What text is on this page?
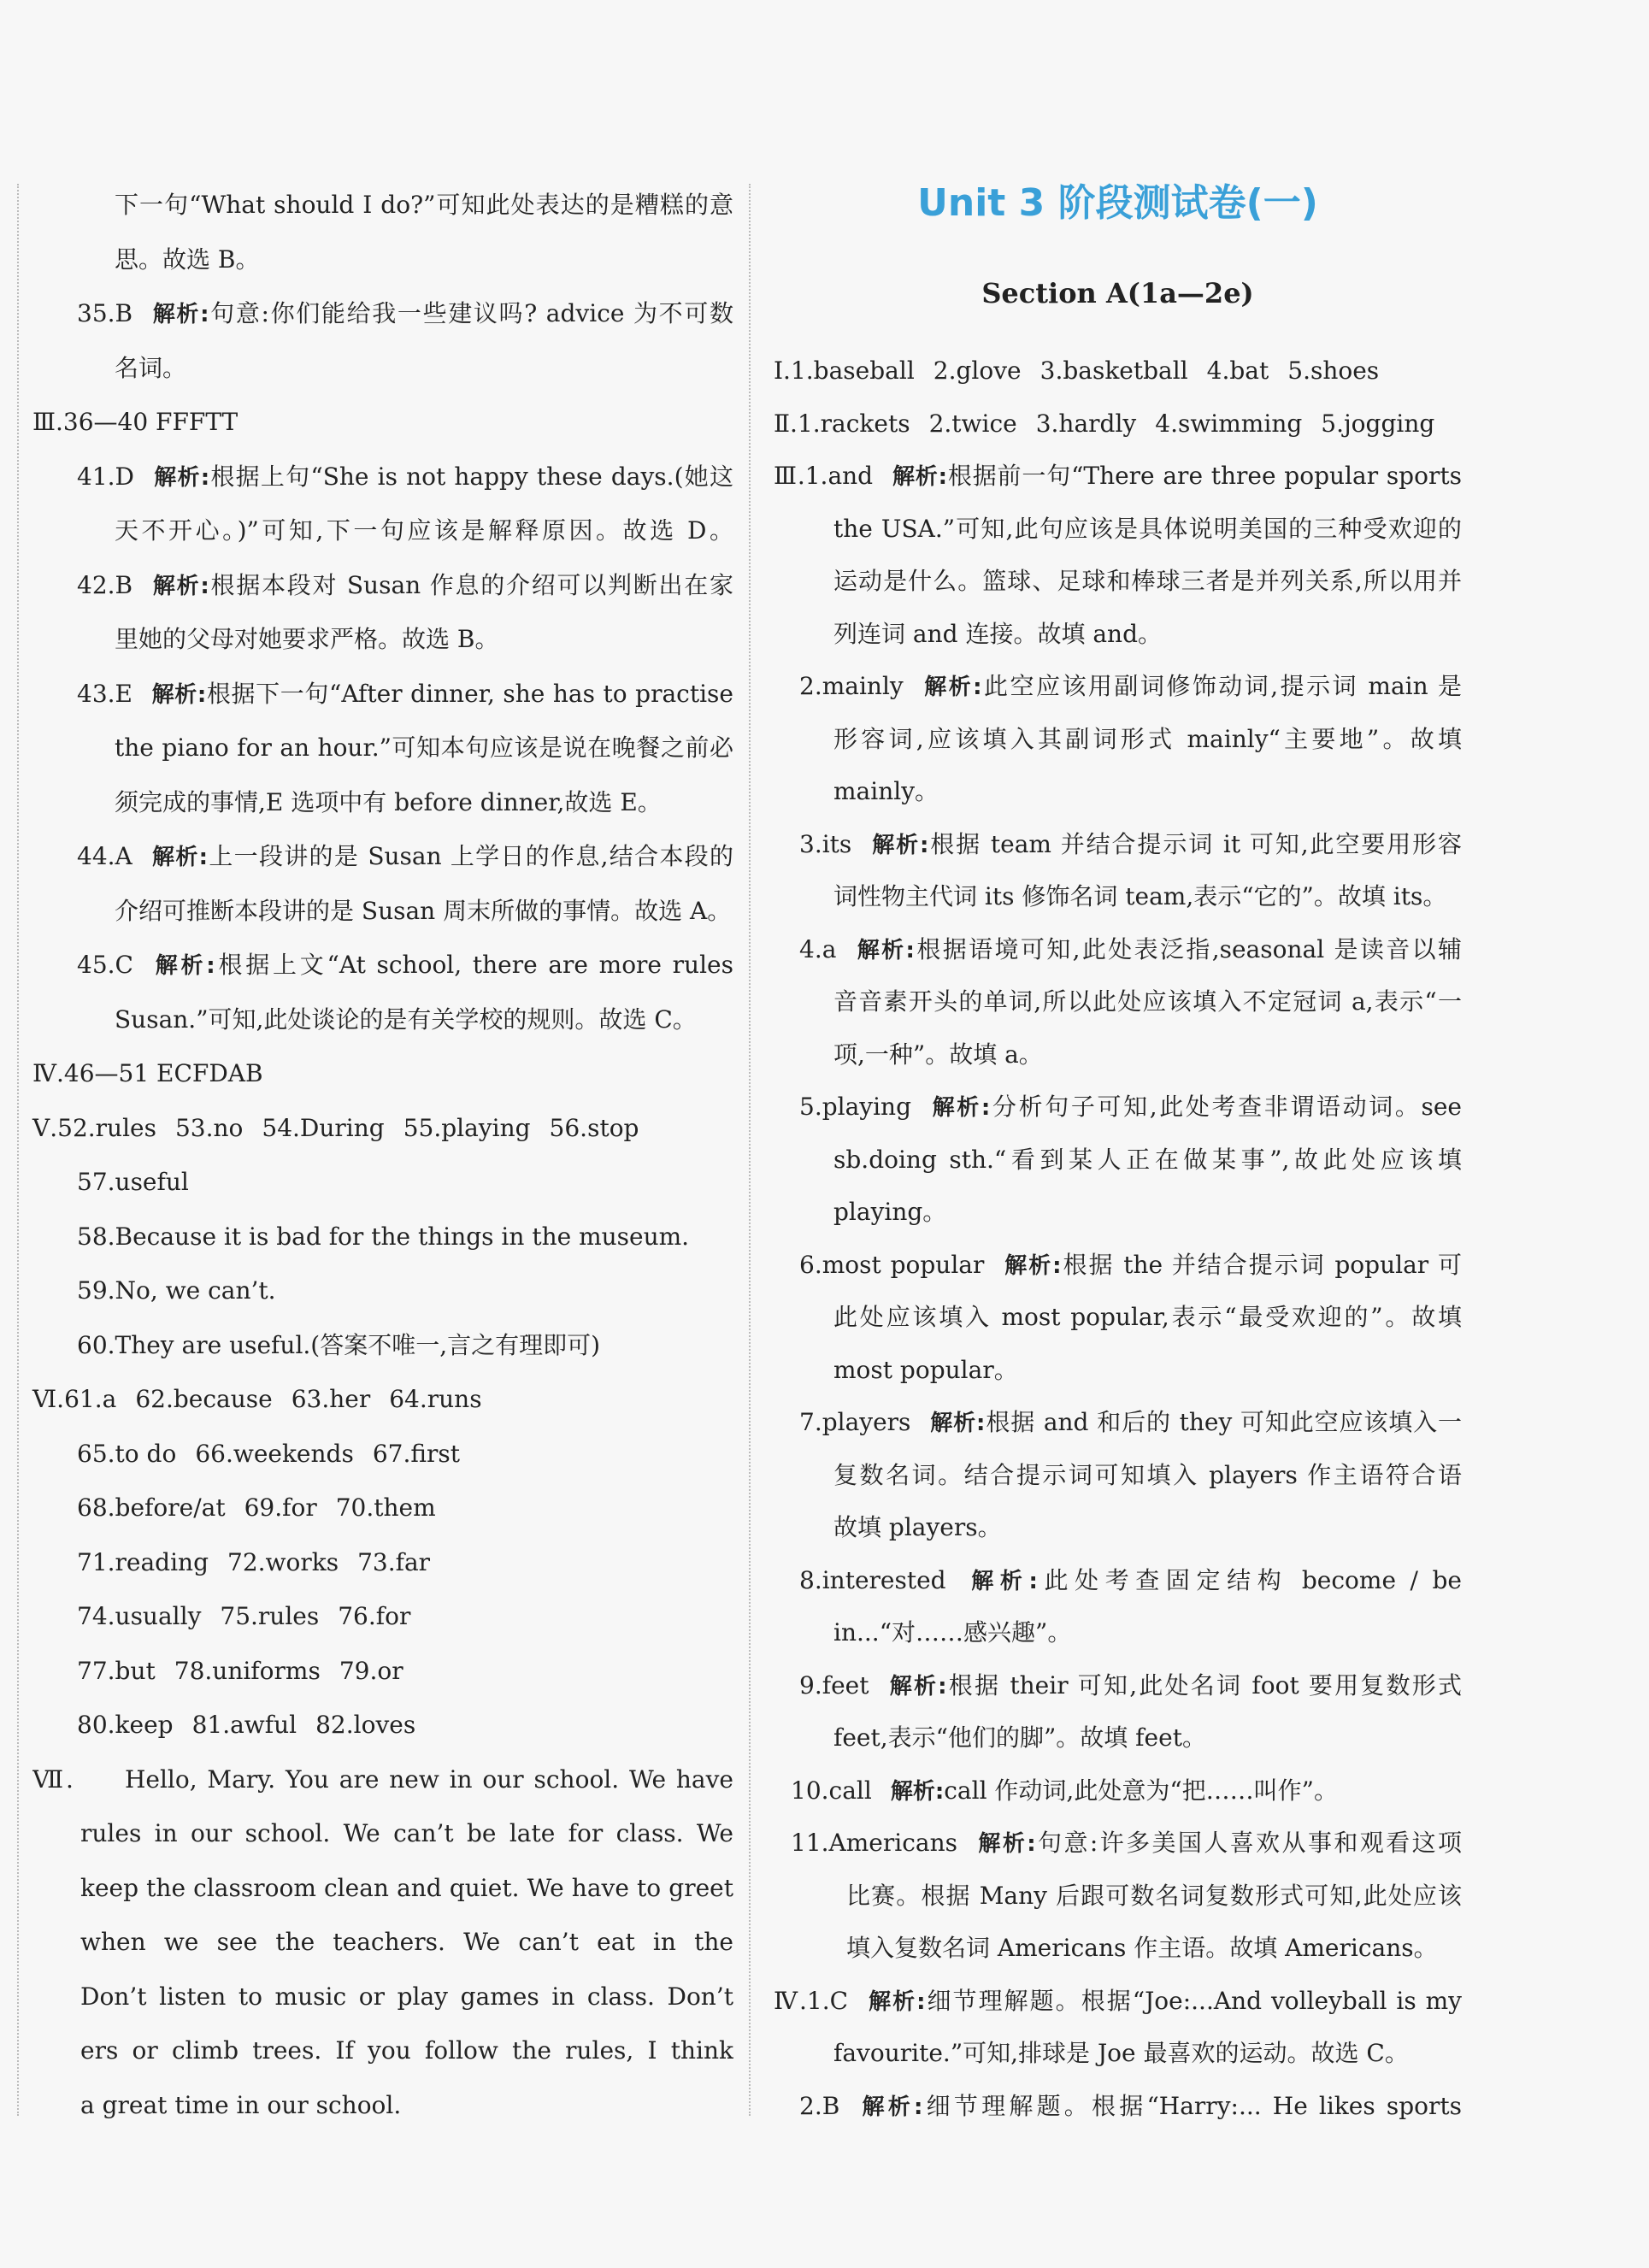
下一句“What should I do?”可知此处表达的是糟糕的意
思。故选 B。
35.B 解析:句意:你们能给我一些建议吗? advice 为不可数
名词。
Ⅲ.36—40 FFFTT
41.D 解析:根据上句“She is not happy these days.(她这
天不开心。)”可知,下一句应该是解释原因。故选 D。
42.B 解析:根据本段对 Susan 作息的介绍可以判断出在家
里她的父母对她要求严格。故选 B。
43.E 解析:根据下一句“After dinner, she has to practise
the piano for an hour.”可知本句应该是说在晚餐之前必
须完成的事情,E 选项中有 before dinner,故选 E。
44.A 解析:上一段讲的是 Susan 上学日的作息,结合本段的
介绍可推断本段讲的是 Susan 周末所做的事情。故选 A。
45.C 解析:根据上文“At school, there are more rules
Susan.”可知,此处谈论的是有关学校的规则。故选 C。
Ⅳ.46—51 ECFDAB
Ⅴ.52.rules 53.no 54.During 55.playing 56.stop
57.useful
58.Because it is bad for the things in the museum.
59.No, we can’t.
60.They are useful.(答案不唯一,言之有理即可)
Ⅵ.61.a 62.because 63.her 64.runs
65.to do 66.weekends 67.first
68.before/at 69.for 70.them
71.reading 72.works 73.far
74.usually 75.rules 76.for
77.but 78.uniforms 79.or
80.keep 81.awful 82.loves
Ⅶ. Hello, Mary. You are new in our school. We have
rules in our school. We can’t be late for class. We
keep the classroom clean and quiet. We have to greet
when we see the teachers. We can’t eat in the
Don’t listen to music or play games in class. Don’t
ers or climb trees. If you follow the rules, I think
a great time in our school.
Unit 3 阶段测试卷(一)
Section A(1a—2e)
Ⅰ.1.baseball 2.glove 3.basketball 4.bat 5.shoes
Ⅱ.1.rackets 2.twice 3.hardly 4.swimming 5.jogging
Ⅲ.1.and 解析:根据前一句“There are three popular sports
the USA.”可知,此句应该是具体说明美国的三种受欢迎的
运动是什么。篮球、足球和棒球三者是并列关系,所以用并
列连词 and 连接。故填 and。
2.mainly 解析:此空应该用副词修饰动词,提示词 main 是
形容词,应该填入其副词形式 mainly“主要地”。故填
mainly。
3.its 解析:根据 team 并结合提示词 it 可知,此空要用形容
词性物主代词 its 修饰名词 team,表示“它的”。故填 its。
4.a 解析:根据语境可知,此处表泛指,seasonal 是读音以辅
音音素开头的单词,所以此处应该填入不定冠词 a,表示“一
项,一种”。故填 a。
5.playing 解析:分析句子可知,此处考查非谓语动词。see
sb.doing sth.“看到某人正在做某事”,故此处应该填
playing。
6.most popular 解析:根据 the 并结合提示词 popular 可
此处应该填入 most popular,表示“最受欢迎的”。故填
most popular。
7.players 解析:根据 and 和后的 they 可知此空应该填入一
复数名词。结合提示词可知填入 players 作主语符合语
故填 players。
8.interested 解析:此处考查固定结构 become / be
in...“对……感兴趣”。
9.feet 解析:根据 their 可知,此处名词 foot 要用复数形式
feet,表示“他们的脚”。故填 feet。
10.call 解析:call 作动词,此处意为“把……叫作”。
11.Americans 解析:句意:许多美国人喜欢从事和观看这项
比赛。根据 Many 后跟可数名词复数形式可知,此处应该
填入复数名词 Americans 作主语。故填 Americans。
Ⅳ.1.C 解析:细节理解题。根据“Joe:...And volleyball is my
favourite.”可知,排球是 Joe 最喜欢的运动。故选 C。
2.B 解析:细节理解题。根据“Harry:... He likes sports
